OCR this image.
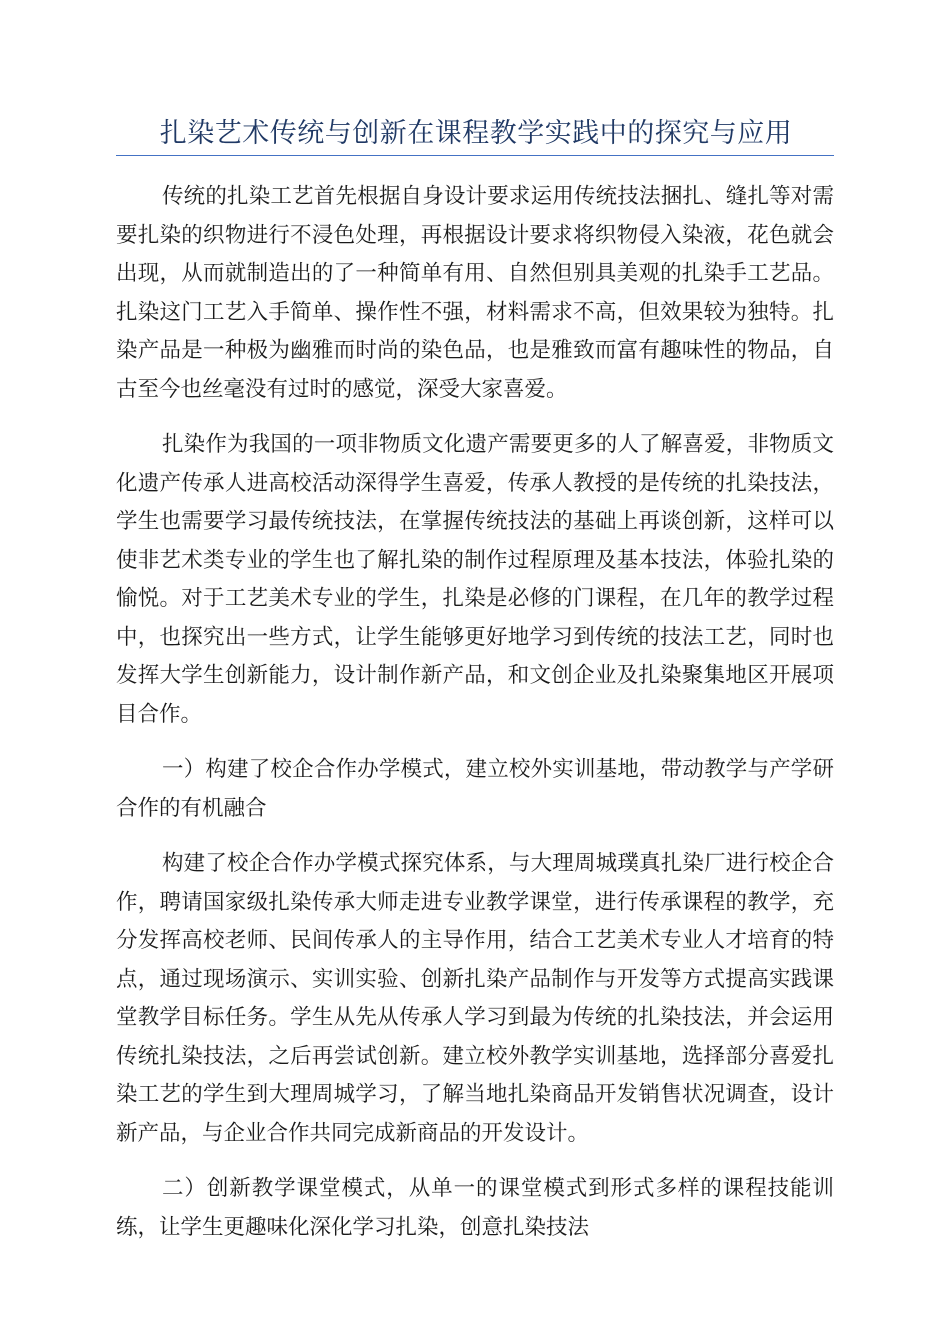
扎染艺术传统与创新在课程教学实践中的探究与应用

传统的扎染工艺首先根据自身设计要求运用传统技法捆扎、缝扎等对需要扎染的织物进行不浸色处理，再根据设计要求将织物侵入染液，花色就会出现，从而就制造出的了一种简单有用、自然但别具美观的扎染手工艺品。扎染这门工艺入手简单、操作性不强，材料需求不高，但效果较为独特。扎染产品是一种极为幽雅而时尚的染色品，也是雅致而富有趣味性的物品，自古至今也丝毫没有过时的感觉，深受大家喜爱。

扎染作为我国的一项非物质文化遗产需要更多的人了解喜爱，非物质文化遗产传承人进高校活动深得学生喜爱，传承人教授的是传统的扎染技法，学生也需要学习最传统技法，在掌握传统技法的基础上再谈创新，这样可以使非艺术类专业的学生也了解扎染的制作过程原理及基本技法，体验扎染的愉悦。对于工艺美术专业的学生，扎染是必修的门课程，在几年的教学过程中，也探究出一些方式，让学生能够更好地学习到传统的技法工艺，同时也发挥大学生创新能力，设计制作新产品，和文创企业及扎染聚集地区开展项目合作。

一）构建了校企合作办学模式，建立校外实训基地，带动教学与产学研合作的有机融合

构建了校企合作办学模式探究体系，与大理周城璞真扎染厂进行校企合作，聘请国家级扎染传承大师走进专业教学课堂，进行传承课程的教学，充分发挥高校老师、民间传承人的主导作用，结合工艺美术专业人才培育的特点，通过现场演示、实训实验、创新扎染产品制作与开发等方式提高实践课堂教学目标任务。学生从先从传承人学习到最为传统的扎染技法，并会运用传统扎染技法，之后再尝试创新。建立校外教学实训基地，选择部分喜爱扎染工艺的学生到大理周城学习，了解当地扎染商品开发销售状况调查，设计新产品，与企业合作共同完成新商品的开发设计。

二）创新教学课堂模式，从单一的课堂模式到形式多样的课程技能训练，让学生更趣味化深化学习扎染，创意扎染技法
